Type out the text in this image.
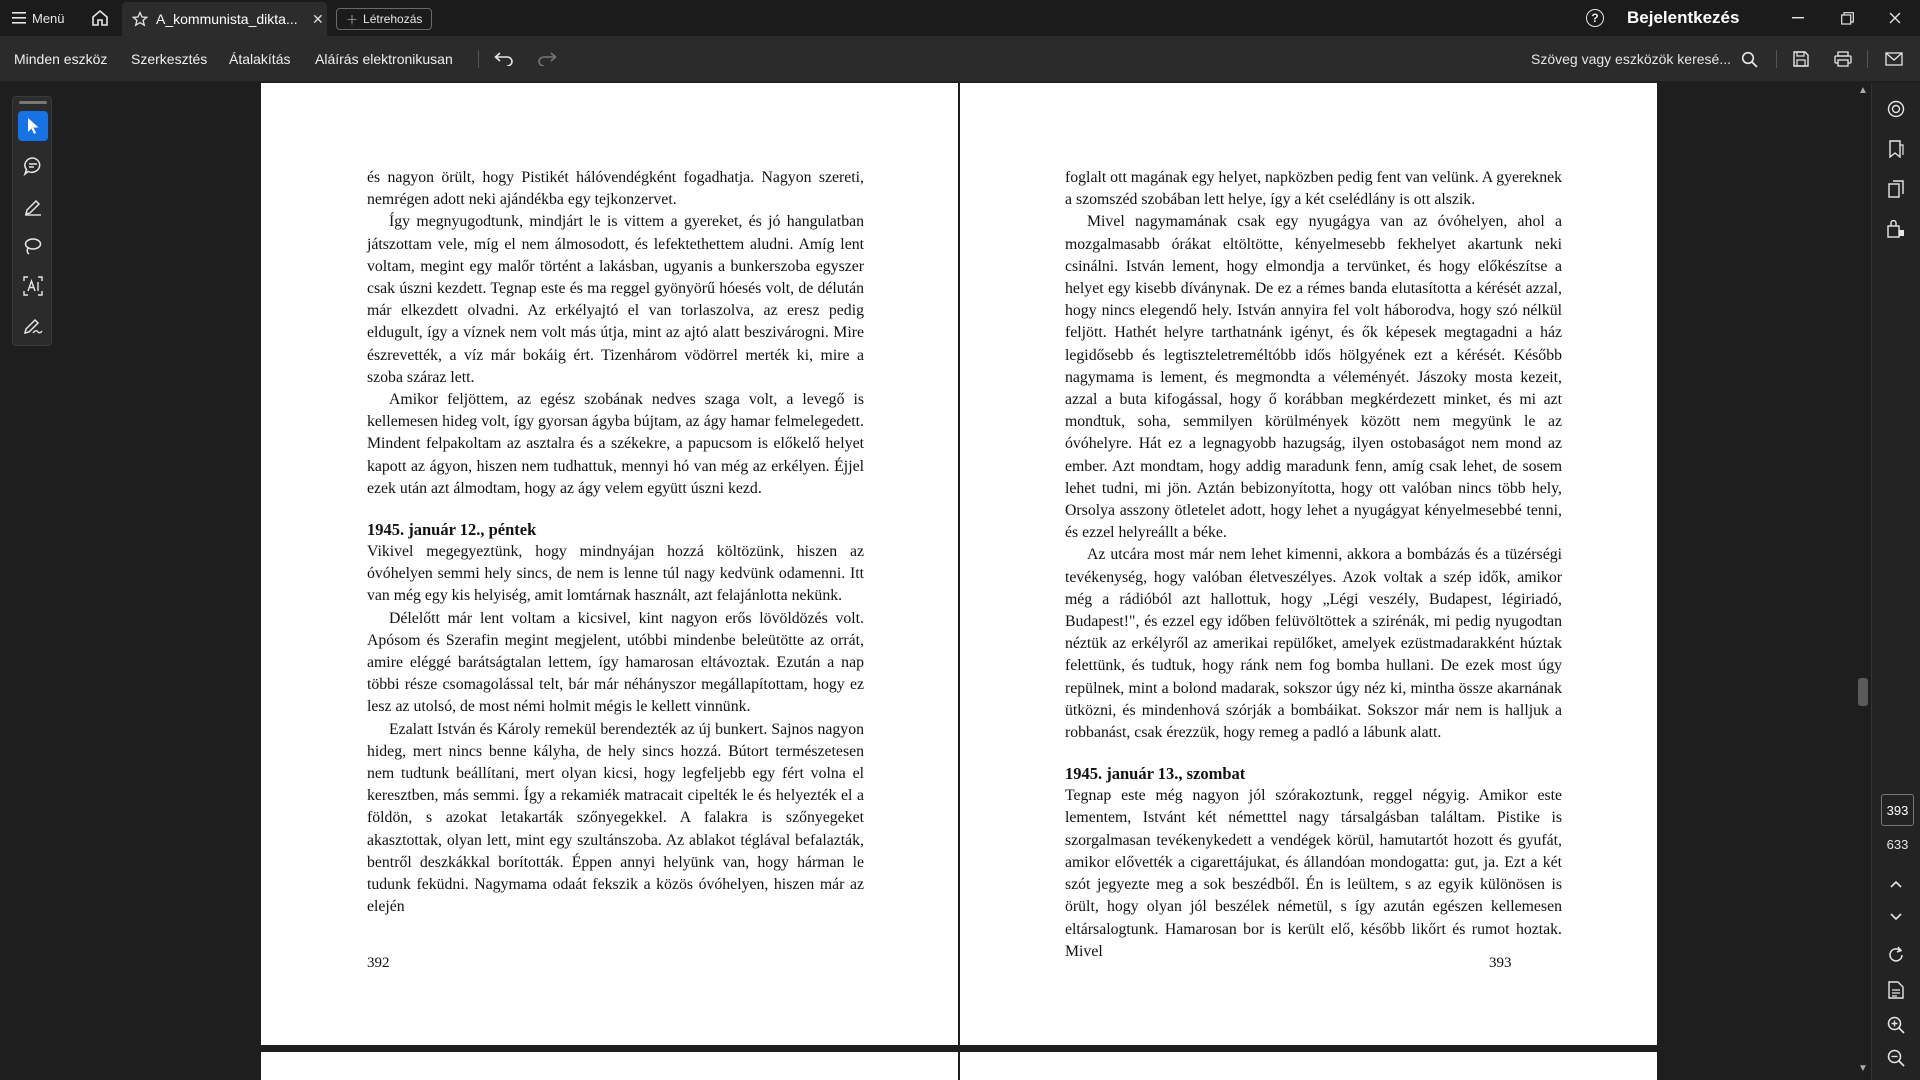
Menü	A_kommunista_dikta...	✕ ＋ Létrehozás	?	Bejelentkezés
Minden eszköz Szerkesztés Átalakítás Aláírás elektronikusan	Szöveg vagy eszközök keresé...

és nagyon örült, hogy Pistikét hálóvendégként fogadhatja. Nagyon szereti, nemrégen adott neki ajándékba egy tejkonzervet.

Így megnyugodtunk, mindjárt le is vittem a gyereket, és jó hangulatban játszottam vele, míg el nem álmosodott, és lefektethettem aludni. Amíg lent voltam, megint egy malőr történt a lakásban, ugyanis a bunkerszoba egyszer csak úszni kezdett. Tegnap este és ma reggel gyönyörű hóesés volt, de délután már elkezdett olvadni. Az erkélyajtó el van torlaszolva, az eresz pedig eldugult, így a víznek nem volt más útja, mint az ajtó alatt beszivárogni. Mire észrevették, a víz már bokáig ért. Tizenhárom vödörrel merték ki, mire a szoba száraz lett.

Amikor feljöttem, az egész szobának nedves szaga volt, a levegő is kellemesen hideg volt, így gyorsan ágyba bújtam, az ágy hamar felmelegedett. Mindent felpakoltam az asztalra és a székekre, a papucsom is előkelő helyet kapott az ágyon, hiszen nem tudhattuk, mennyi hó van még az erkélyen. Éjjel ezek után azt álmodtam, hogy az ágy velem együtt úszni kezd.

1945. január 12., péntek

Vikivel megegyeztünk, hogy mindnyájan hozzá költözünk, hiszen az óvóhelyen semmi hely sincs, de nem is lenne túl nagy kedvünk odamenni. Itt van még egy kis helyiség, amit lomtárnak használt, azt felajánlotta nekünk.

Délelőtt már lent voltam a kicsivel, kint nagyon erős lövöldözés volt. Apósom és Szerafin megint megjelent, utóbbi mindenbe beleütötte az orrát, amire eléggé barátságtalan lettem, így hamarosan eltávoztak. Ezután a nap többi része csomagolással telt, bár már néhányszor megállapítottam, hogy ez lesz az utolsó, de most némi holmit mégis le kellett vinnünk.

Ezalatt István és Károly remekül berendezték az új bunkert. Sajnos nagyon hideg, mert nincs benne kályha, de hely sincs hozzá. Bútort természetesen nem tudtunk beállítani, mert olyan kicsi, hogy legfeljebb egy fért volna el keresztben, más semmi. Így a rekamiék matracait cipelték le és helyezték el a földön, s azokat letakarták szőnyegekkel. A falakra is szőnyegeket akasztottak, olyan lett, mint egy szultánszoba. Az ablakot téglával befalazták, bentről deszkákkal borították. Éppen annyi helyünk van, hogy hárman le tudunk feküdni. Nagymama odaát fekszik a közös óvóhelyen, hiszen már az elején

392

foglalt ott magának egy helyet, napközben pedig fent van velünk. A gyereknek a szomszéd szobában lett helye, így a két cselédlány is ott alszik.

Mivel nagymamának csak egy nyugágya van az óvóhelyen, ahol a mozgalmasabb órákat eltöltötte, kényelmesebb fekhelyet akartunk neki csinálni. István lement, hogy elmondja a tervünket, és hogy előkészítse a helyet egy kisebb díványnak. De ez a rémes banda elutasította a kérését azzal, hogy nincs elegendő hely. István annyira fel volt háborodva, hogy szó nélkül feljött. Hathét helyre tarthatnánk igényt, és ők képesek megtagadni a ház legidősebb és legtiszteletreméltóbb idős hölgyének ezt a kérését. Később nagymama is lement, és megmondta a véleményét. Jászoky mosta kezeit, azzal a buta kifogással, hogy ő korábban megkérdezett minket, és mi azt mondtuk, soha, semmilyen körülmények között nem megyünk le az óvóhelyre. Hát ez a legnagyobb hazugság, ilyen ostobaságot nem mond az ember. Azt mondtam, hogy addig maradunk fenn, amíg csak lehet, de sosem lehet tudni, mi jön. Aztán bebizonyította, hogy ott valóban nincs több hely, Orsolya asszony ötletelet adott, hogy lehet a nyugágyat kényelmesebbé tenni, és ezzel helyreállt a béke.

Az utcára most már nem lehet kimenni, akkora a bombázás és a tüzérségi tevékenység, hogy valóban életveszélyes. Azok voltak a szép idők, amikor még a rádióból azt hallottuk, hogy „Légi veszély, Budapest, légiriadó, Budapest!", és ezzel egy időben felüvöltöttek a szirénák, mi pedig nyugodtan néztük az erkélyről az amerikai repülőket, amelyek ezüstmadarakként húztak felettünk, és tudtuk, hogy ránk nem fog bomba hullani. De ezek most úgy repülnek, mint a bolond madarak, sokszor úgy néz ki, mintha össze akarnának ütközni, és mindenhová szórják a bombáikat. Sokszor már nem is halljuk a robbanást, csak érezzük, hogy remeg a padló a lábunk alatt.

1945. január 13., szombat

Tegnap este még nagyon jól szórakoztunk, reggel négyig. Amikor este lementem, Istvánt két németttel nagy társalgásban találtam. Pistike is szorgalmasan tevékenykedett a vendégek körül, hamutartót hozott és gyufát, amikor elővették a cigarettájukat, és állandóan mondogatta: gut, ja. Ezt a két szót jegyezte meg a sok beszédből. Én is leültem, s az egyik különösen is örült, hogy olyan jól beszélek németül, s így azután egészen kellemesen eltársalogtunk. Hamarosan bor is került elő, később likőrt és rumot hoztak. Mivel

393
▲
▼
393
633
